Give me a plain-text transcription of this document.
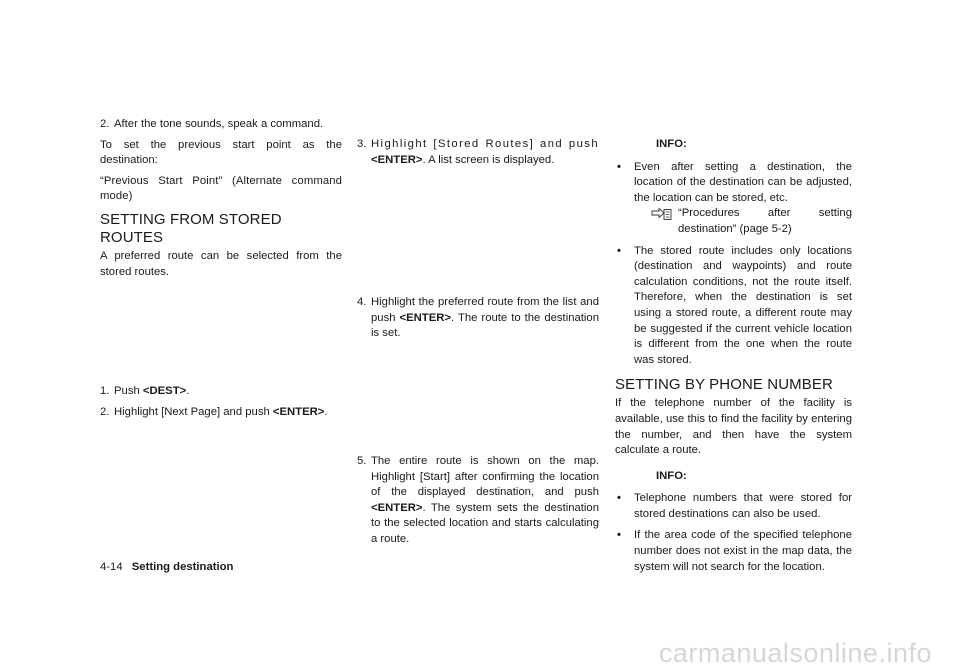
2. After the tone sounds, speak a command.

To set the previous start point as the destination:

“Previous Start Point” (Alternate command mode)

SETTING FROM STORED ROUTES

A preferred route can be selected from the stored routes.

1. Push <DEST>.
2. Highlight [Next Page] and push <ENTER>.
3. Highlight [Stored Routes] and push <ENTER>. A list screen is displayed.
4. Highlight the preferred route from the list and push <ENTER>. The route to the destination is set.
5. The entire route is shown on the map. Highlight [Start] after confirming the location of the displayed destination, and push <ENTER>. The system sets the destination to the selected location and starts calculating a route.
INFO:
• Even after setting a destination, the location of the destination can be adjusted, the location can be stored, etc.
“Procedures after setting destination” (page 5-2)
• The stored route includes only locations (destination and waypoints) and route calculation conditions, not the route itself. Therefore, when the destination is set using a stored route, a different route may be suggested if the current vehicle location is different from the one when the route was stored.
SETTING BY PHONE NUMBER

If the telephone number of the facility is available, use this to find the facility by entering the number, and then have the system calculate a route.

INFO:
• Telephone numbers that were stored for stored destinations can also be used.
• If the area code of the specified telephone number does not exist in the map data, the system will not search for the location.
4-14 Setting destination
carmanualsonline.info
